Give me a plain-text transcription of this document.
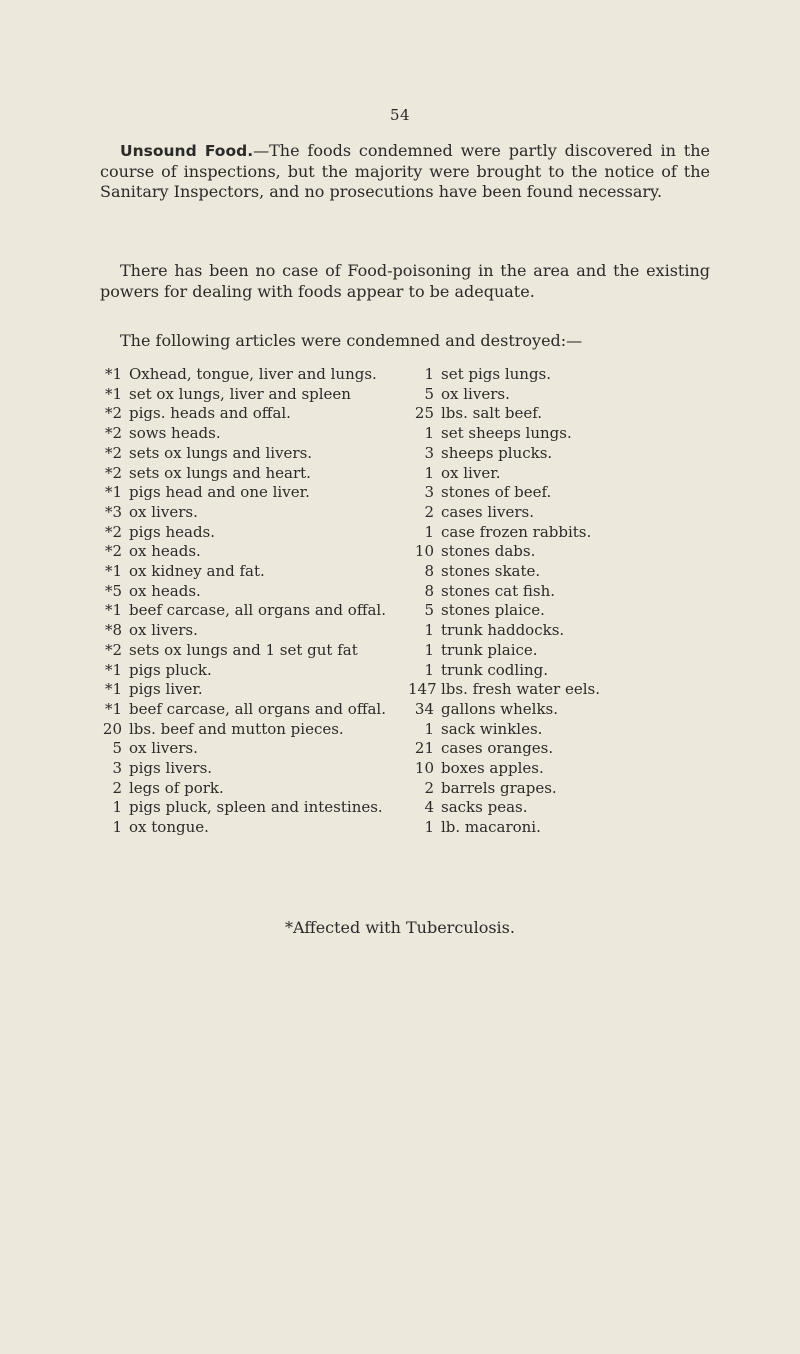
54
Unsound Food.—The foods condemned were partly discovered in the course of inspections, but the majority were brought to the notice of the Sanitary Inspectors, and no prosecutions have been found necessary.
There has been no case of Food-poisoning in the area and the existing powers for dealing with foods appear to be adequate.
The following articles were condemned and destroyed:—
*1 Oxhead, tongue, liver and lungs.
*1 set ox lungs, liver and spleen
*2 pigs. heads and offal.
*2 sows heads.
*2 sets ox lungs and livers.
*2 sets ox lungs and heart.
*1 pigs head and one liver.
*3 ox livers.
*2 pigs heads.
*2 ox heads.
*1 ox kidney and fat.
*5 ox heads.
*1 beef carcase, all organs and offal.
*8 ox livers.
*2 sets ox lungs and 1 set gut fat
*1 pigs pluck.
*1 pigs liver.
*1 beef carcase, all organs and offal.
20 lbs. beef and mutton pieces.
5 ox livers.
3 pigs livers.
2 legs of pork.
1 pigs pluck, spleen and intestines.
1 ox tongue.
1 set pigs lungs.
5 ox livers.
25 lbs. salt beef.
1 set sheeps lungs.
3 sheeps plucks.
1 ox liver.
3 stones of beef.
2 cases livers.
1 case frozen rabbits.
10 stones dabs.
8 stones skate.
8 stones cat fish.
5 stones plaice.
1 trunk haddocks.
1 trunk plaice.
1 trunk codling.
147 lbs. fresh water eels.
34 gallons whelks.
1 sack winkles.
21 cases oranges.
10 boxes apples.
2 barrels grapes.
4 sacks peas.
1 lb. macaroni.
*Affected with Tuberculosis.
